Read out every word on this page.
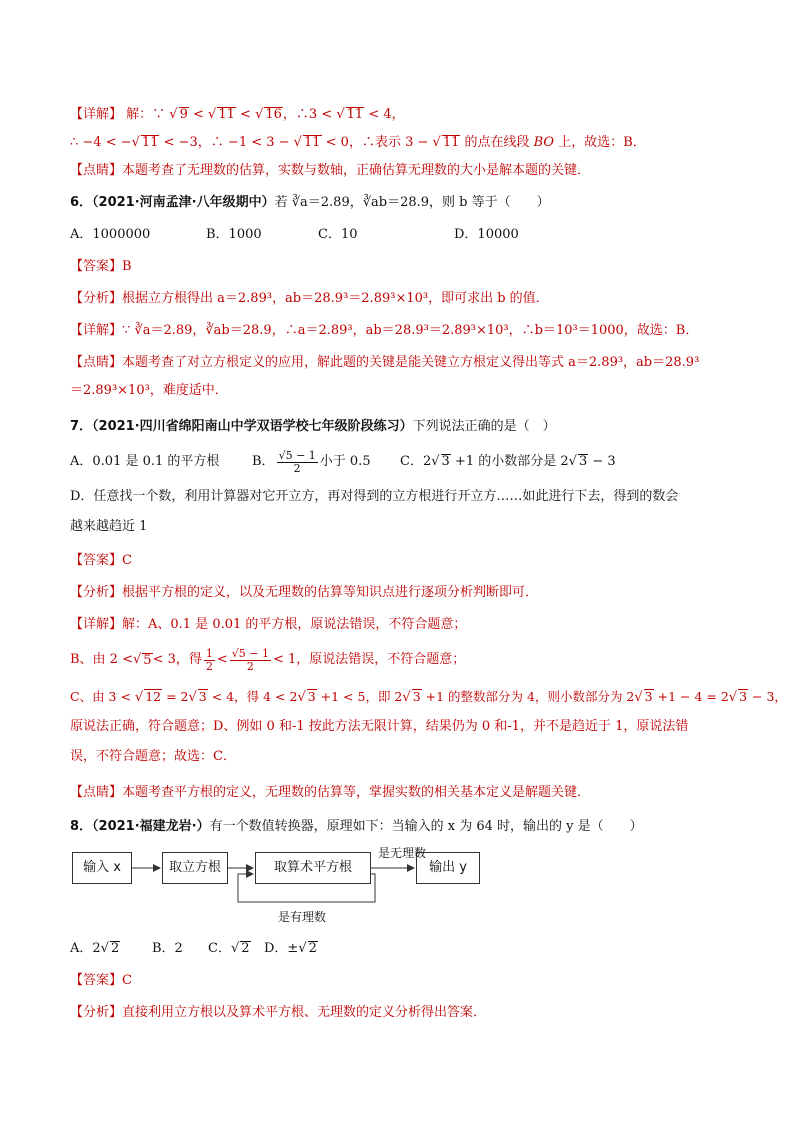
【详解】 解：∵ √ 9 < √ 11 < √ 16，∴3 < √ 11 < 4，
∴ −4 < −√ 11 < −3，∴ −1 < 3 − √ 11 < 0，∴表示 3 − √ 11 的点在线段 BO 上，故选：B．
【点睛】本题考查了无理数的估算，实数与数轴，正确估算无理数的大小是解本题的关键．
6．（2021·河南孟津·八年级期中）若 ∛a＝2.89，∛ab＝28.9，则 b 等于（　　）
A．1000000	B．1000	C．10	D．10000
【答案】B
【分析】根据立方根得出 a＝2.89³，ab＝28.9³＝2.89³×10³，即可求出 b 的值．
【详解】∵ ∛a＝2.89，∛ab＝28.9，∴a＝2.89³，ab＝28.9³＝2.89³×10³，∴b＝10³＝1000，故选：B．
【点睛】本题考查了对立方根定义的应用，解此题的关键是能关键立方根定义得出等式 a＝2.89³，ab＝28.9³
＝2.89³×10³，难度适中．
7．（2021·四川省绵阳南山中学双语学校七年级阶段练习）下列说法正确的是（　）
A．0.01 是 0.1 的平方根	B． $\frac{√5 - 1}{2}$ 小于 0.5 C．2√ 3 +1 的小数部分是 2√ 3 − 3
D．任意找一个数，利用计算器对它开立方，再对得到的立方根进行开立方……如此进行下去，得到的数会
越来越趋近 1
【答案】C
【分析】根据平方根的定义，以及无理数的估算等知识点进行逐项分析判断即可．
【详解】解：A、0.1 是 0.01 的平方根，原说法错误，不符合题意；
B、由 2 < √ 5 < 3，得 $\frac{1}{2} < \frac{√5 - 1}{2} < 1$，原说法错误，不符合题意；
C、由 3 < √ 12 = 2√ 3 < 4，得 4 < 2√ 3 +1 < 5，即 2√ 3 +1 的整数部分为 4，则小数部分为 2√ 3 +1 − 4 = 2√ 3 − 3，
原说法正确，符合题意；D、例如 0 和-1 按此方法无限计算，结果仍为 0 和-1，并不是趋近于 1，原说法错
误，不符合题意；故选：C．
【点睛】本题考查平方根的定义，无理数的估算等，掌握实数的相关基本定义是解题关键．
8．（2021·福建龙岩·）有一个数值转换器，原理如下：当输入的 x 为 64 时，输出的 y 是（　　）
输入 x	取立方根	取算术平方根	输出 y
是无理数
是有理数
A．2√ 2	B．2 C．√ 2 D．±√ 2
【答案】C
【分析】直接利用立方根以及算术平方根、无理数的定义分析得出答案．
